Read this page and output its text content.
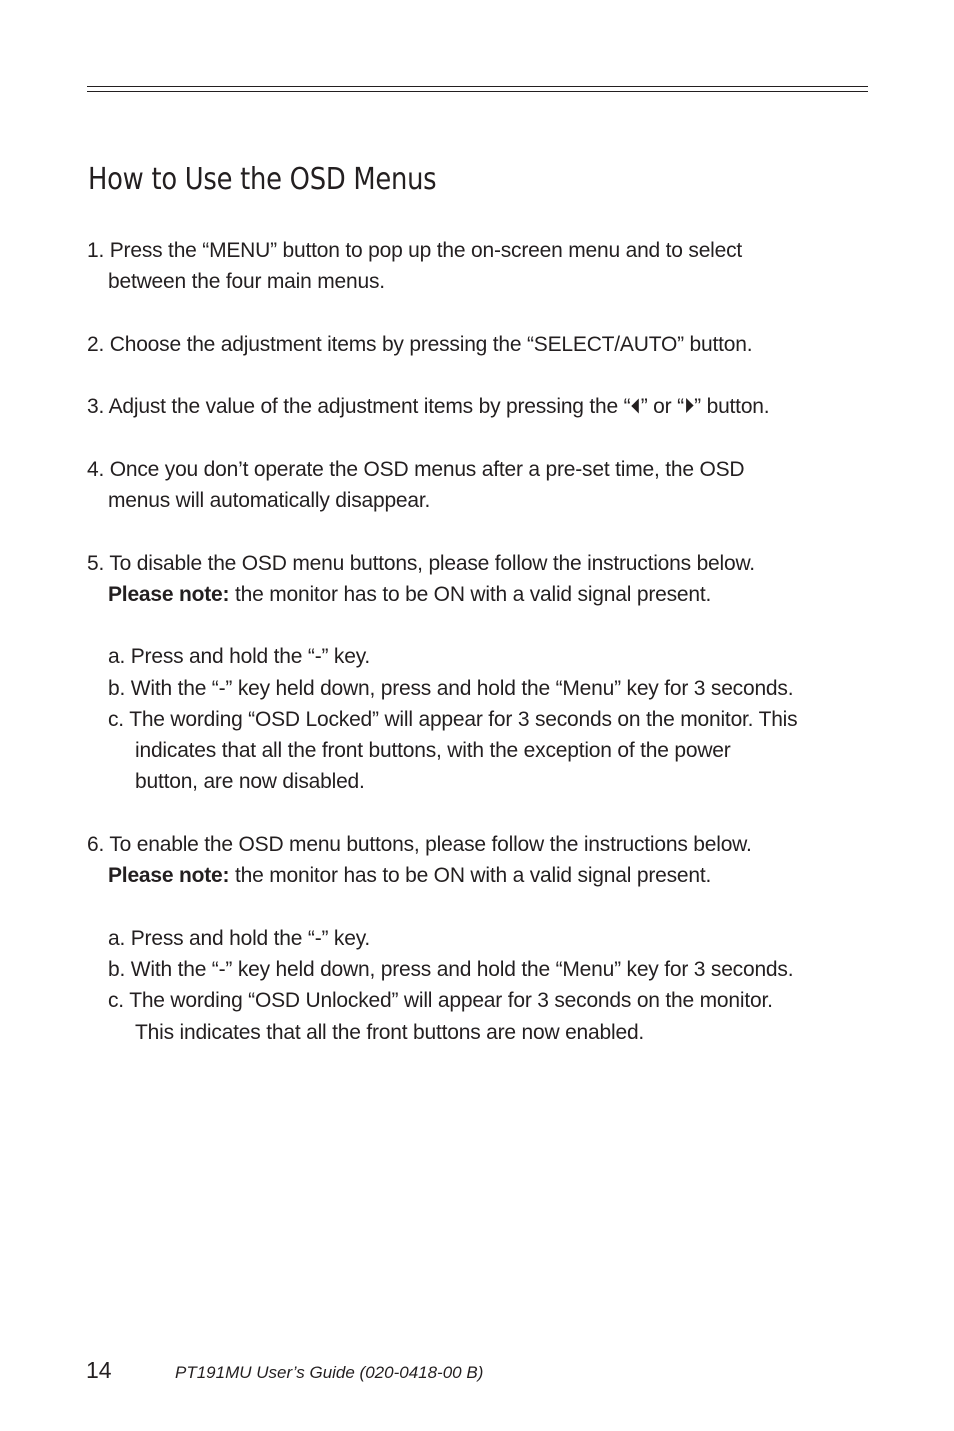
How to Use the OSD Menus
1. Press the “MENU” button to pop up the on-screen menu and to select
between the four main menus.
2. Choose the adjustment items by pressing the “SELECT/AUTO” button.
3. Adjust the value of the adjustment items by pressing the “⏴” or “⏵” button.
4. Once you don’t operate the OSD menus after a pre-set time, the OSD
menus will automatically disappear.
5. To disable the OSD menu buttons, please follow the instructions below.
Please note: the monitor has to be ON with a valid signal present.
a. Press and hold the “-” key.
b. With the “-” key held down, press and hold the “Menu” key for 3 seconds.
c. The wording “OSD Locked” will appear for 3 seconds on the monitor. This
indicates that all the front buttons, with the exception of the power
button, are now disabled.
6. To enable the OSD menu buttons, please follow the instructions below.
Please note: the monitor has to be ON with a valid signal present.
a. Press and hold the “-” key.
b. With the “-” key held down, press and hold the “Menu” key for 3 seconds.
c. The wording “OSD Unlocked” will appear for 3 seconds on the monitor.
This indicates that all the front buttons are now enabled.
14	PT191MU User’s Guide (020-0418-00 B)
